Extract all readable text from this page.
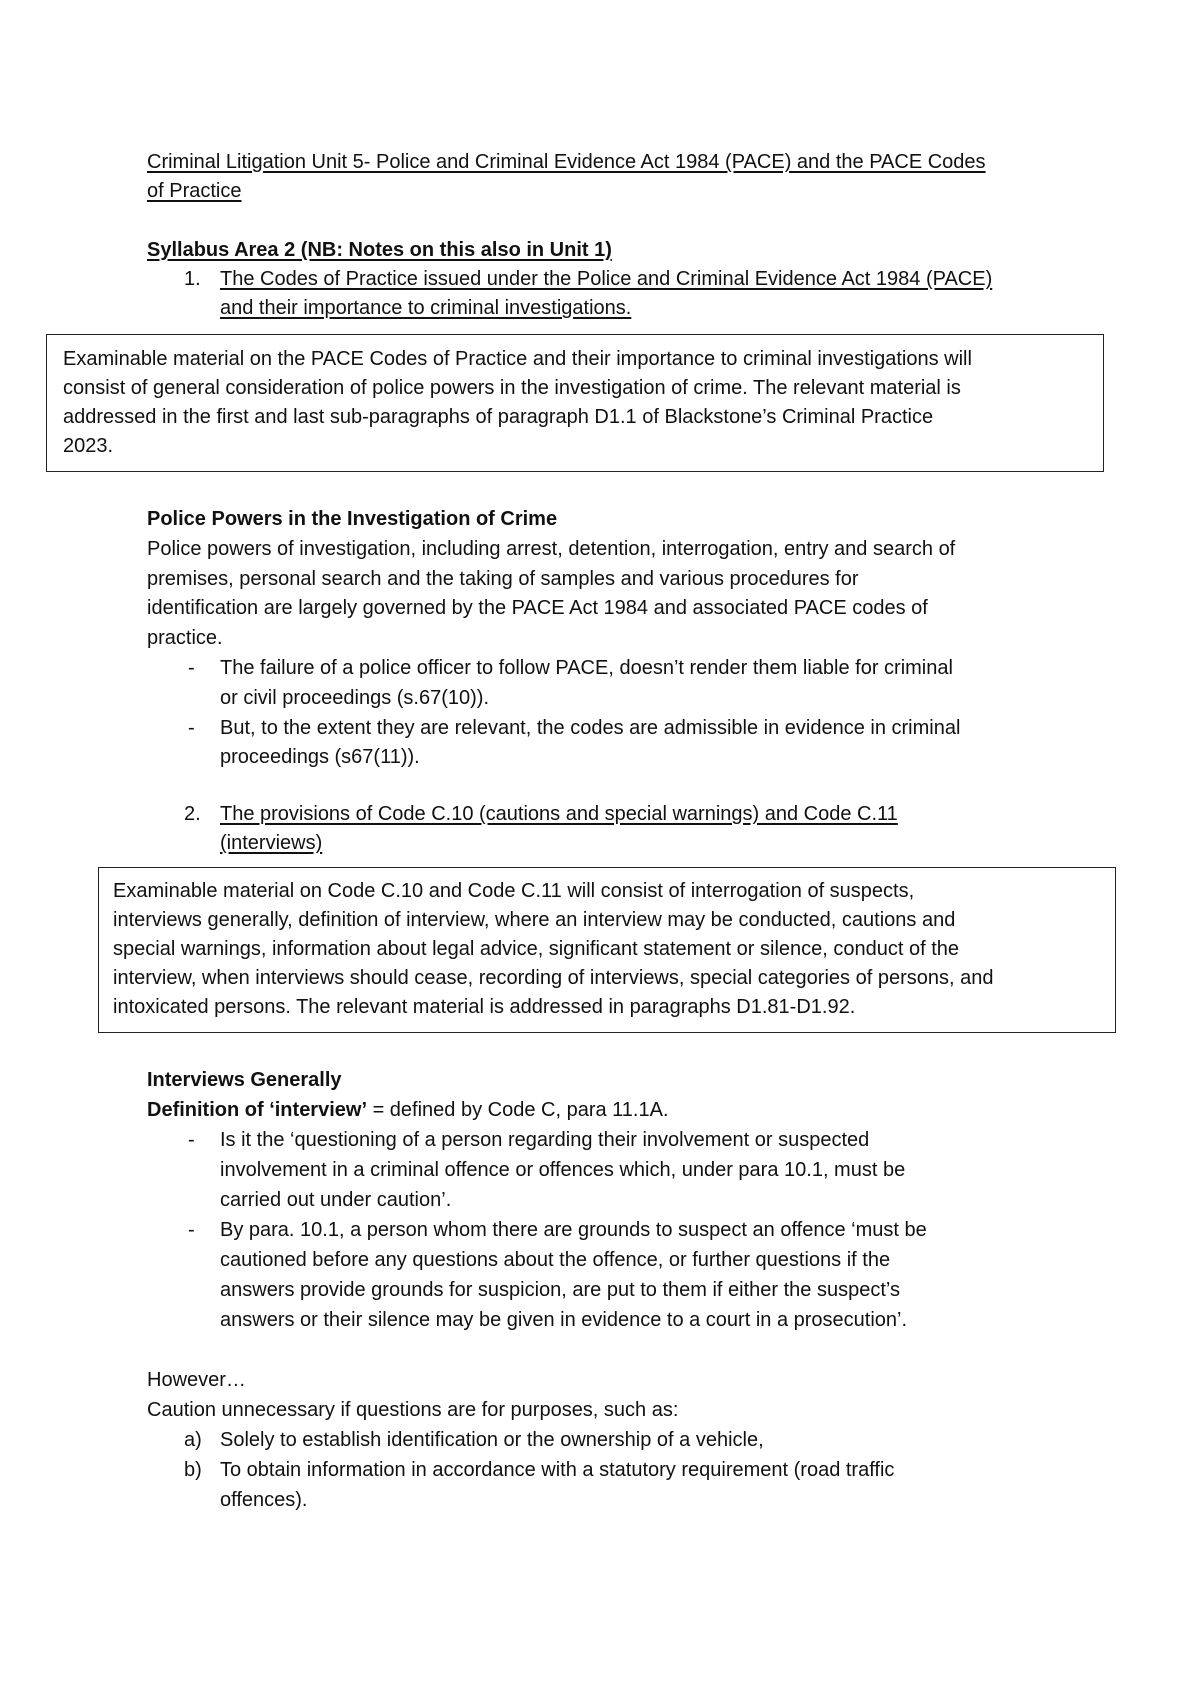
Criminal Litigation Unit 5- Police and Criminal Evidence Act 1984 (PACE) and the PACE Codes
of Practice
Syllabus Area 2 (NB: Notes on this also in Unit 1)
1. The Codes of Practice issued under the Police and Criminal Evidence Act 1984 (PACE)
and their importance to criminal investigations.
Examinable material on the PACE Codes of Practice and their importance to criminal investigations will
consist of general consideration of police powers in the investigation of crime. The relevant material is
addressed in the first and last sub-paragraphs of paragraph D1.1 of Blackstone’s Criminal Practice
2023.
Police Powers in the Investigation of Crime
Police powers of investigation, including arrest, detention, interrogation, entry and search of
premises, personal search and the taking of samples and various procedures for
identification are largely governed by the PACE Act 1984 and associated PACE codes of
practice.
-	The failure of a police officer to follow PACE, doesn’t render them liable for criminal
or civil proceedings (s.67(10)).
-	But, to the extent they are relevant, the codes are admissible in evidence in criminal
proceedings (s67(11)).
2. The provisions of Code C.10 (cautions and special warnings) and Code C.11
(interviews)
Examinable material on Code C.10 and Code C.11 will consist of interrogation of suspects,
interviews generally, definition of interview, where an interview may be conducted, cautions and
special warnings, information about legal advice, significant statement or silence, conduct of the
interview, when interviews should cease, recording of interviews, special categories of persons, and
intoxicated persons. The relevant material is addressed in paragraphs D1.81-D1.92.
Interviews Generally
Definition of ‘interview’ = defined by Code C, para 11.1A.
-	Is it the ‘questioning of a person regarding their involvement or suspected
involvement in a criminal offence or offences which, under para 10.1, must be
carried out under caution’.
-	By para. 10.1, a person whom there are grounds to suspect an offence ‘must be
cautioned before any questions about the offence, or further questions if the
answers provide grounds for suspicion, are put to them if either the suspect’s
answers or their silence may be given in evidence to a court in a prosecution’.
However…
Caution unnecessary if questions are for purposes, such as:
a) Solely to establish identification or the ownership of a vehicle,
b) To obtain information in accordance with a statutory requirement (road traffic
offences).
